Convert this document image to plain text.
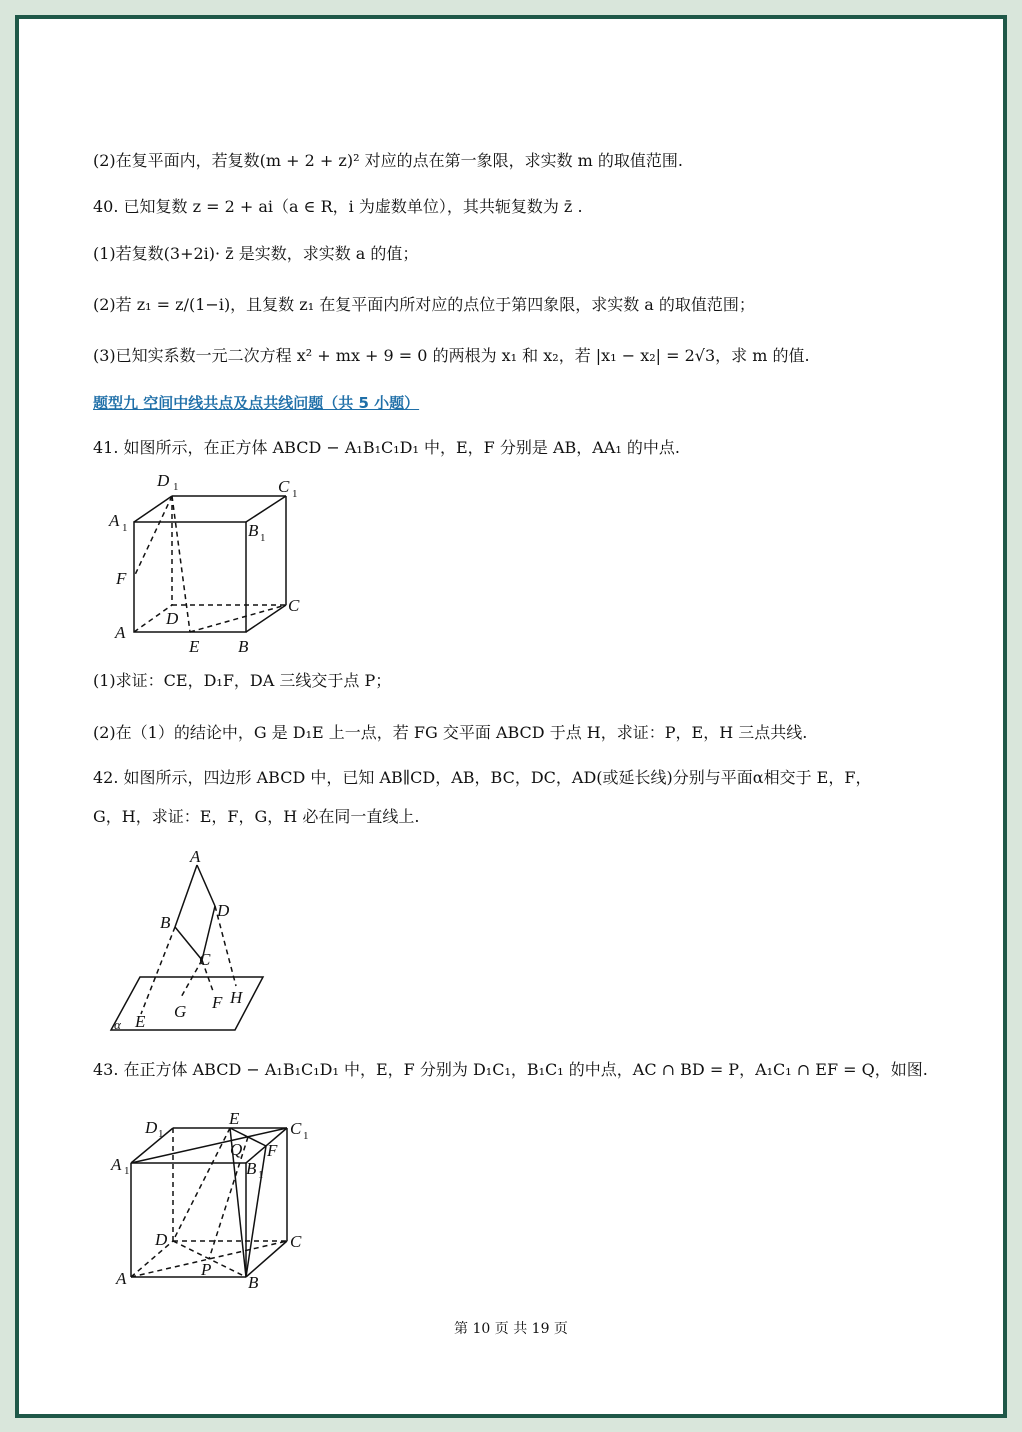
(2)在复平面内，若复数(m + 2 + z)² 对应的点在第一象限，求实数 m 的取值范围.
40. 已知复数 z = 2 + ai（a ∈ R，i 为虚数单位），其共轭复数为 z̄ .
(1)若复数(3+2i)· z̄ 是实数，求实数 a 的值；
(2)若 z₁ = z/(1−i)，且复数 z₁ 在复平面内所对应的点位于第四象限，求实数 a 的取值范围；
(3)已知实系数一元二次方程 x² + mx + 9 = 0 的两根为 x₁ 和 x₂，若 |x₁ − x₂| = 2√3，求 m 的值.
题型九 空间中线共点及点共线问题（共 5 小题）
41. 如图所示，在正方体 ABCD − A₁B₁C₁D₁ 中，E，F 分别是 AB，AA₁ 的中点.
D 1	C 1
A 1	B 1
F
D
C
A
E B
(1)求证：CE，D₁F，DA 三线交于点 P；
(2)在（1）的结论中，G 是 D₁E 上一点，若 FG 交平面 ABCD 于点 H，求证：P，E，H 三点共线.
42. 如图所示，四边形 ABCD 中，已知 AB∥CD，AB，BC，DC，AD(或延长线)分别与平面α相交于 E，F，
G，H，求证：E，F，G，H 必在同一直线上.
A
B
D
C
G F H
E
α
43. 在正方体 ABCD − A₁B₁C₁D₁ 中，E，F 分别为 D₁C₁，B₁C₁ 的中点，AC ∩ BD = P，A₁C₁ ∩ EF = Q，如图.
D 1
E
C 1
A 1
Q F
B 1
D	C
A	P
B
第 10 页 共 19 页
